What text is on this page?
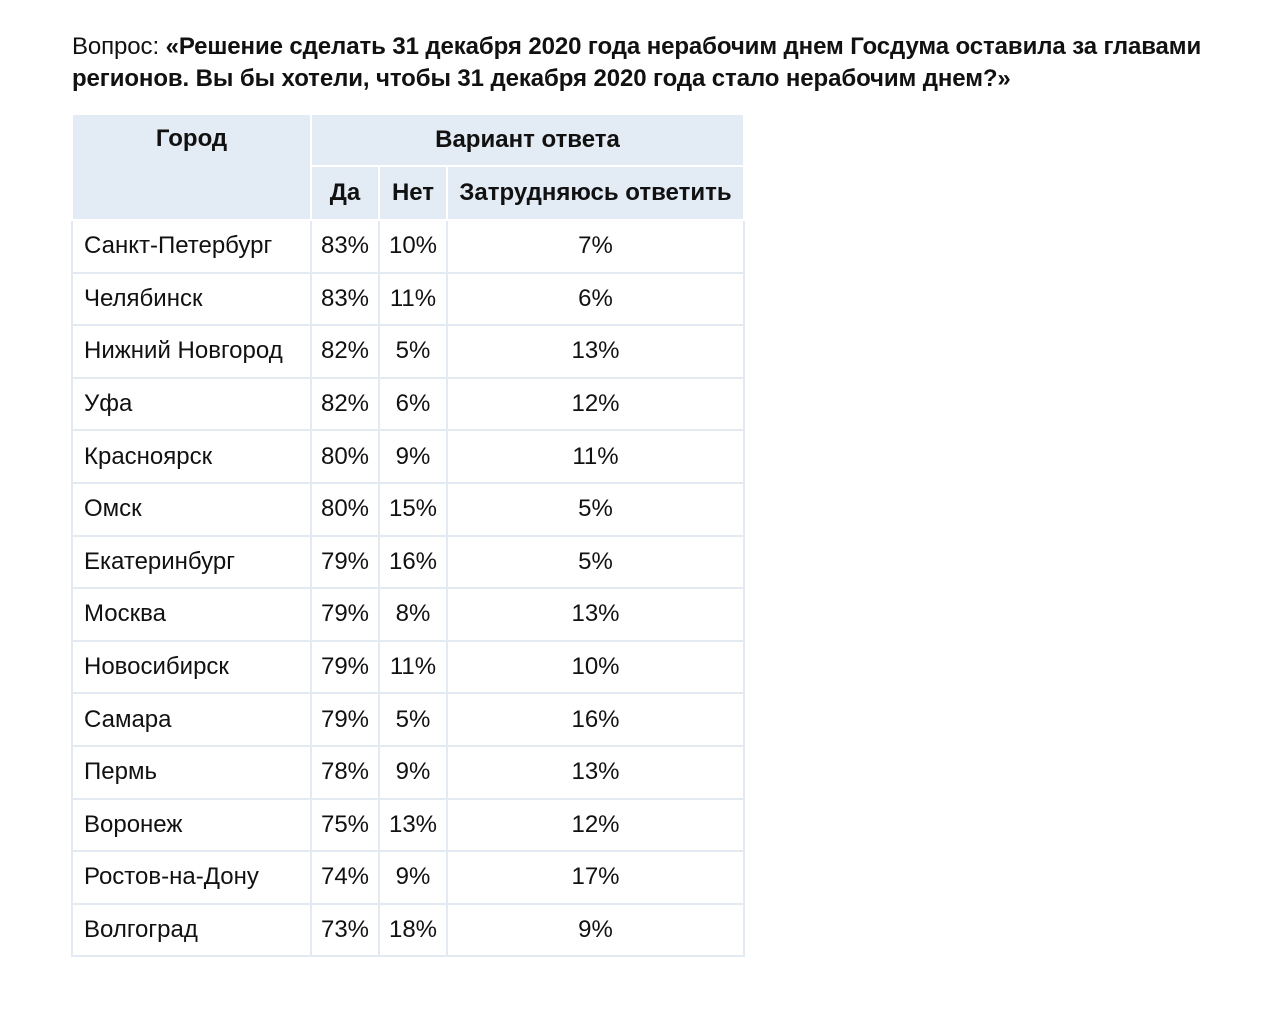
Вопрос: «Решение сделать 31 декабря 2020 года нерабочим днем Госдума оставила за главами регионов. Вы бы хотели, чтобы 31 декабря 2020 года стало нерабочим днем?»
Город	Вариант ответа		
	Да	Нет	Затрудняюсь ответить
Санкт-Петербург	83%	10%	7%
Челябинск	83%	11%	6%
Нижний Новгород	82%	5%	13%
Уфа	82%	6%	12%
Красноярск	80%	9%	11%
Омск	80%	15%	5%
Екатеринбург	79%	16%	5%
Москва	79%	8%	13%
Новосибирск	79%	11%	10%
Самара	79%	5%	16%
Пермь	78%	9%	13%
Воронеж	75%	13%	12%
Ростов-на-Дону	74%	9%	17%
Волгоград	73%	18%	9%
